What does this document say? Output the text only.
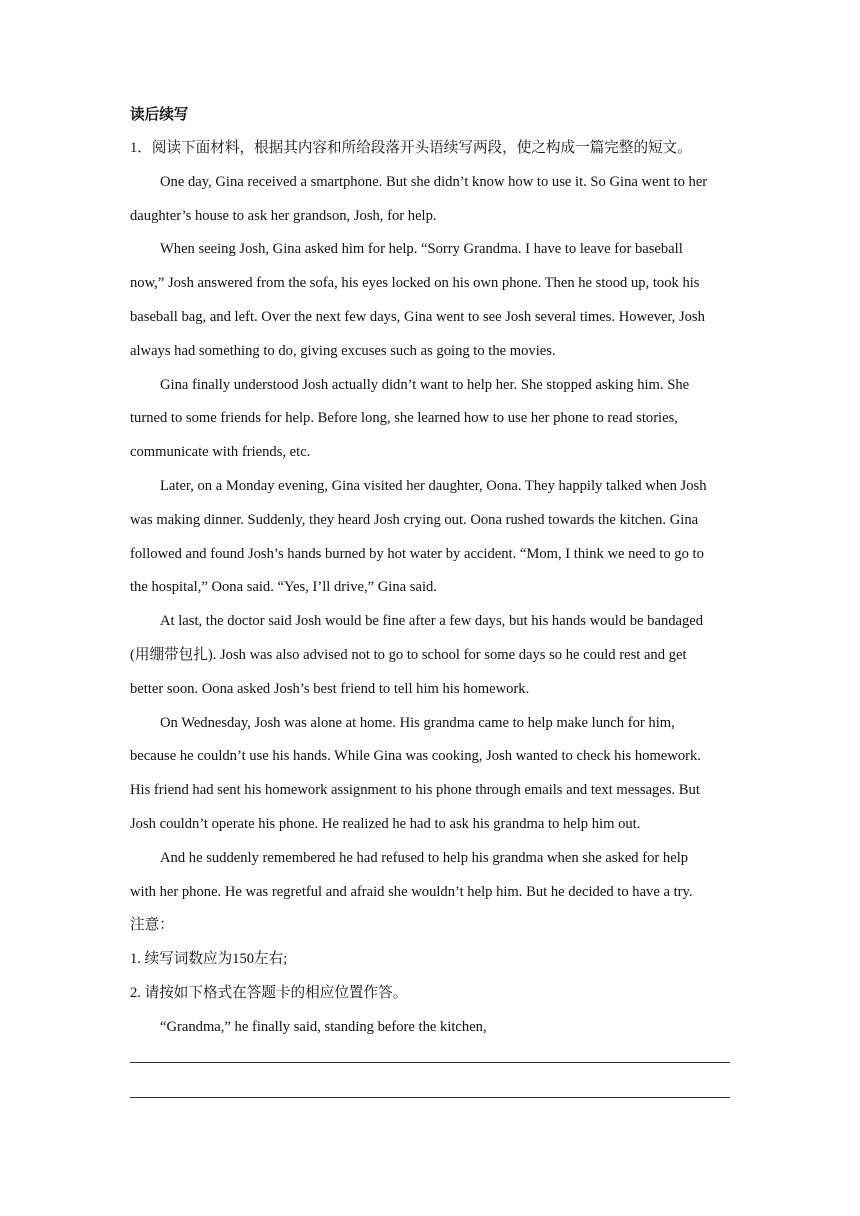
读后续写

1．阅读下面材料，根据其内容和所给段落开头语续写两段，使之构成一篇完整的短文。

One day, Gina received a smartphone. But she didn’t know how to use it. So Gina went to her

daughter’s house to ask her grandson, Josh, for help.

When seeing Josh, Gina asked him for help. “Sorry Grandma. I have to leave for baseball

now,” Josh answered from the sofa, his eyes locked on his own phone. Then he stood up, took his

baseball bag, and left. Over the next few days, Gina went to see Josh several times. However, Josh

always had something to do, giving excuses such as going to the movies.

Gina finally understood Josh actually didn’t want to help her. She stopped asking him. She

turned to some friends for help. Before long, she learned how to use her phone to read stories,

communicate with friends, etc.

Later, on a Monday evening, Gina visited her daughter, Oona. They happily talked when Josh

was making dinner. Suddenly, they heard Josh crying out. Oona rushed towards the kitchen. Gina

followed and found Josh’s hands burned by hot water by accident. “Mom, I think we need to go to

the hospital,” Oona said. “Yes, I’ll drive,” Gina said.

At last, the doctor said Josh would be fine after a few days, but his hands would be bandaged

(用绷带包扎). Josh was also advised not to go to school for some days so he could rest and get

better soon. Oona asked Josh’s best friend to tell him his homework.

On Wednesday, Josh was alone at home. His grandma came to help make lunch for him,

because he couldn’t use his hands. While Gina was cooking, Josh wanted to check his homework.

His friend had sent his homework assignment to his phone through emails and text messages. But

Josh couldn’t operate his phone. He realized he had to ask his grandma to help him out.

And he suddenly remembered he had refused to help his grandma when she asked for help

with her phone. He was regretful and afraid she wouldn’t help him. But he decided to have a try.

注意：

1. 续写词数应为150左右;

2. 请按如下格式在答题卡的相应位置作答。

“Grandma,” he finally said, standing before the kitchen,
